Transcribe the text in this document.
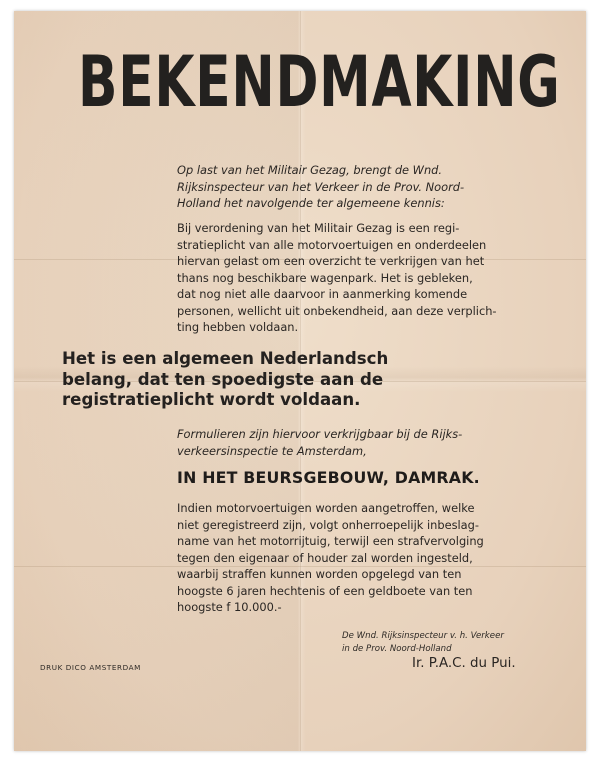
BEKENDMAKING
Op last van het Militair Gezag, brengt de Wnd.
Rijksinspecteur van het Verkeer in de Prov. Noord-
Holland het navolgende ter algemeene kennis:
Bij verordening van het Militair Gezag is een regi-
stratieplicht van alle motorvoertuigen en onderdeelen
hiervan gelast om een overzicht te verkrijgen van het
thans nog beschikbare wagenpark. Het is gebleken,
dat nog niet alle daarvoor in aanmerking komende
personen, wellicht uit onbekendheid, aan deze verplich-
ting hebben voldaan.
Het is een algemeen Nederlandsch
belang, dat ten spoedigste aan de
registratieplicht wordt voldaan.
Formulieren zijn hiervoor verkrijgbaar bij de Rijks-
verkeersinspectie te Amsterdam,
IN HET BEURSGEBOUW, DAMRAK.
Indien motorvoertuigen worden aangetroffen, welke
niet geregistreerd zijn, volgt onherroepelijk inbeslag-
name van het motorrijtuig, terwijl een strafvervolging
tegen den eigenaar of houder zal worden ingesteld,
waarbij straffen kunnen worden opgelegd van ten
hoogste 6 jaren hechtenis of een geldboete van ten
hoogste f 10.000.-
De Wnd. Rijksinspecteur v. h. Verkeer
in de Prov. Noord-Holland
DRUK DICO AMSTERDAM	Ir. P.A.C. du Pui.
